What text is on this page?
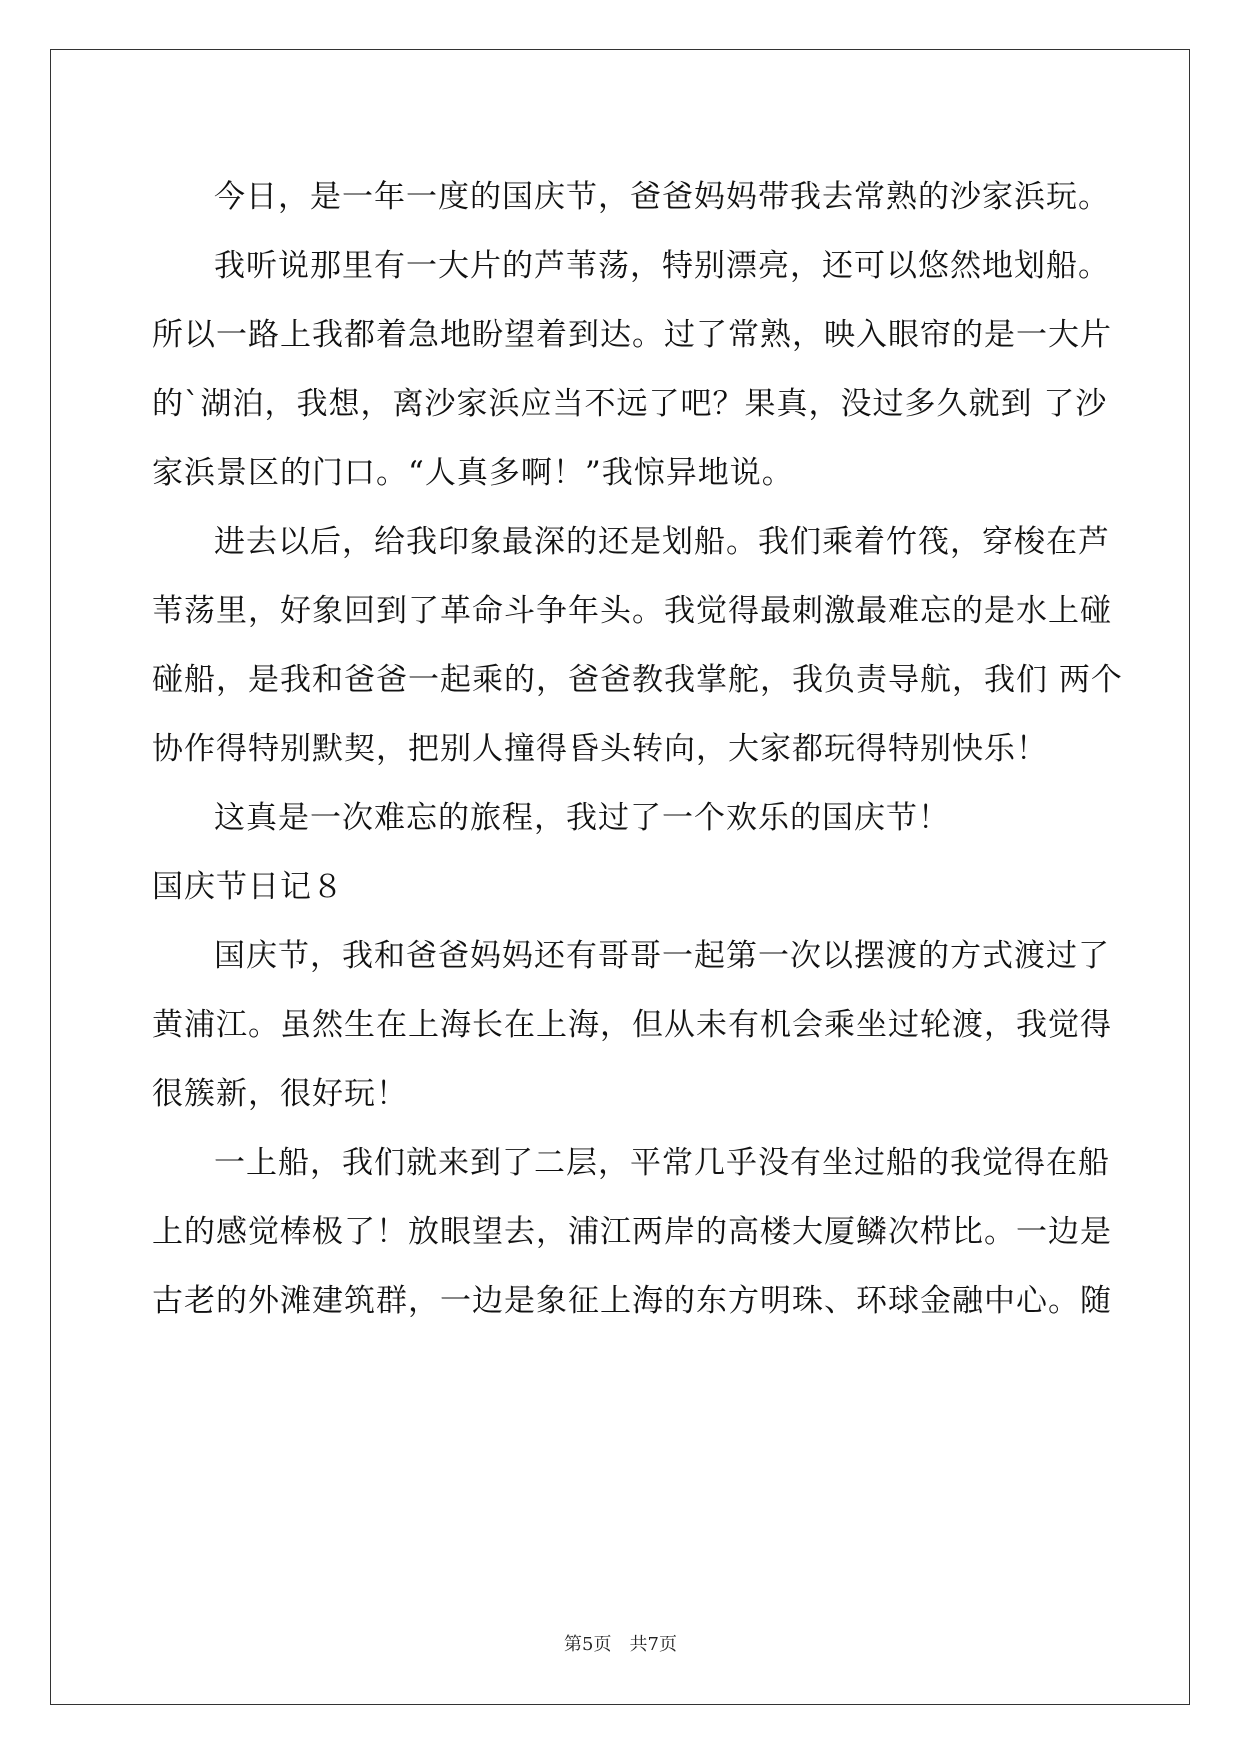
今日，是一年一度的国庆节，爸爸妈妈带我去常熟的沙家浜玩。
我听说那里有一大片的芦苇荡，特别漂亮，还可以悠然地划船。
所以一路上我都着急地盼望着到达。过了常熟，映入眼帘的是一大片
的`湖泊，我想，离沙家浜应当不远了吧？果真，没过多久就到 了沙
家浜景区的门口。“人真多啊！”我惊异地说。
进去以后，给我印象最深的还是划船。我们乘着竹筏，穿梭在芦
苇荡里，好象回到了革命斗争年头。我觉得最刺激最难忘的是水上碰
碰船，是我和爸爸一起乘的，爸爸教我掌舵，我负责导航，我们 两个
协作得特别默契，把别人撞得昏头转向，大家都玩得特别快乐！
这真是一次难忘的旅程，我过了一个欢乐的国庆节！
国庆节日记８
国庆节，我和爸爸妈妈还有哥哥一起第一次以摆渡的方式渡过了
黄浦江。虽然生在上海长在上海，但从未有机会乘坐过轮渡，我觉得
很簇新，很好玩！
一上船，我们就来到了二层，平常几乎没有坐过船的我觉得在船
上的感觉棒极了！放眼望去，浦江两岸的高楼大厦鳞次栉比。一边是
古老的外滩建筑群，一边是象征上海的东方明珠、环球金融中心。随
第5页 共7页
